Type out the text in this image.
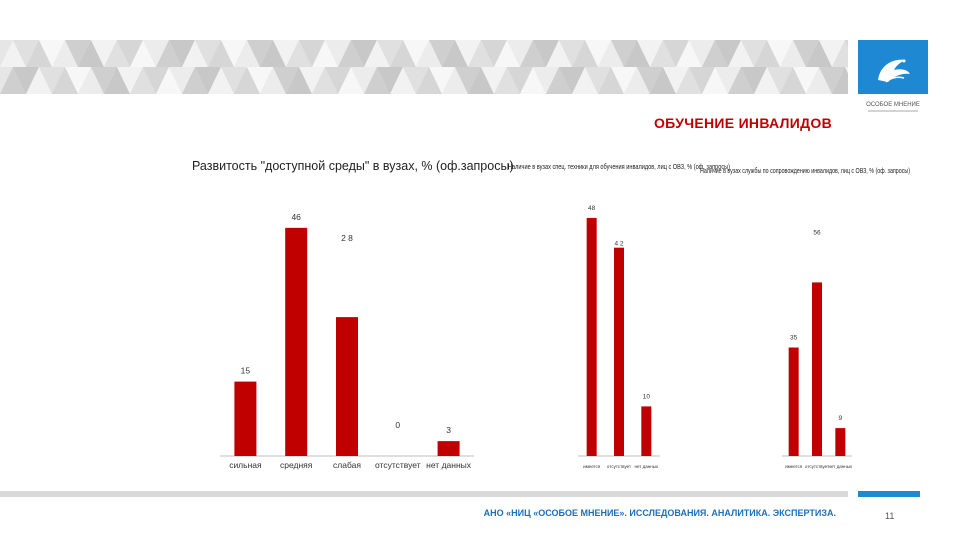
ОСОБОЕ МНЕНИЕ
ОБУЧЕНИЕ ИНВАЛИДОВ
Развитость "доступной среды" в вузах, % (оф.запросы)
15
сильная
46
средняя
2 8
слабая
0
отсутствует
3
нет данных
Наличие в вузах спец. техники для обучения инвалидов, лиц с ОВЗ, % (оф. запросы)
48
имеется
4 2
отсутствует
10
нет данных
Наличие в вузах службы по сопровождению инвалидов, лиц с ОВЗ, % (оф. запросы)
35
имеется
56
отсутствует
9
нет данных
АНО «НИЦ «ОСОБОЕ МНЕНИЕ». ИССЛЕДОВАНИЯ. АНАЛИТИКА. ЭКСПЕРТИЗА.	11
